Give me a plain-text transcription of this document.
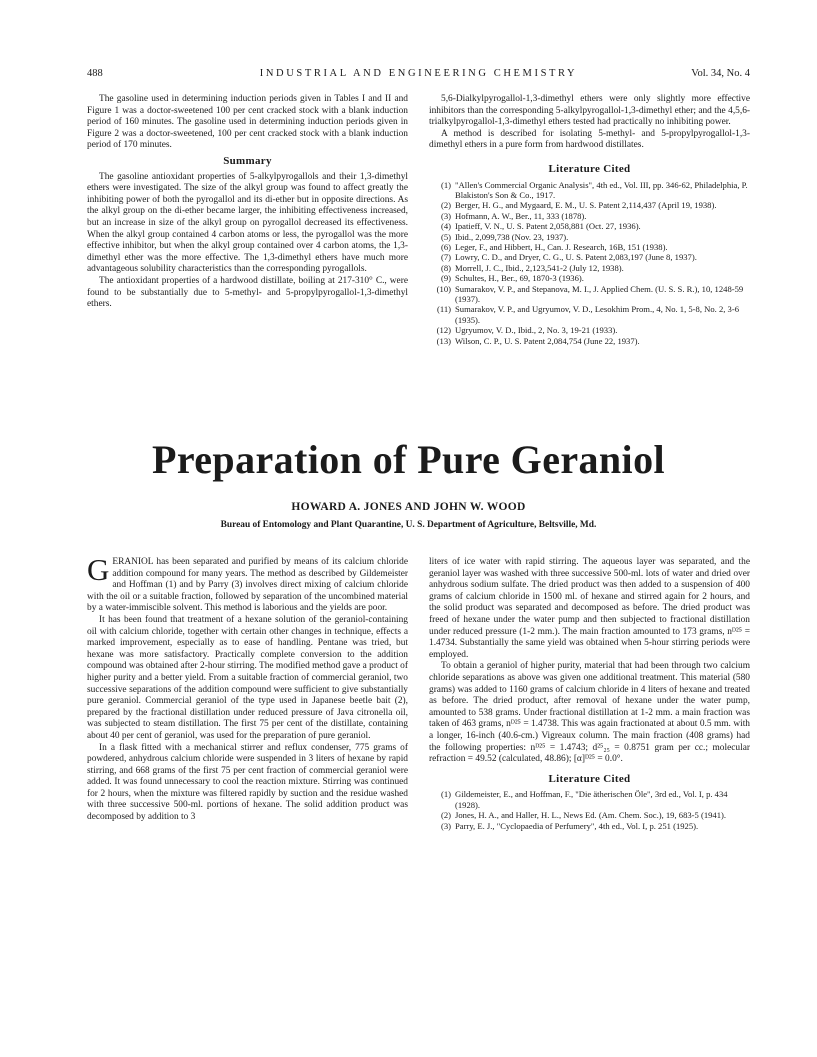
488	INDUSTRIAL AND ENGINEERING CHEMISTRY	Vol. 34, No. 4

The gasoline used in determining induction periods given in Tables I and II and Figure 1 was a doctor-sweetened 100 per cent cracked stock with a blank induction period of 160 minutes. The gasoline used in determining induction periods given in Figure 2 was a doctor-sweetened, 100 per cent cracked stock with a blank induction period of 170 minutes.

Summary

The gasoline antioxidant properties of 5-alkylpyrogallols and their 1,3-dimethyl ethers were investigated. The size of the alkyl group was found to affect greatly the inhibiting power of both the pyrogallol and its di-ether but in opposite directions. As the alkyl group on the di-ether became larger, the inhibiting effectiveness increased, but an increase in size of the alkyl group on pyrogallol decreased its effectiveness. When the alkyl group contained 4 carbon atoms or less, the pyrogallol was the more effective inhibitor, but when the alkyl group contained over 4 carbon atoms, the 1,3-dimethyl ether was the more effective. The 1,3-dimethyl ethers have much more advantageous solubility characteristics than the corresponding pyrogallols.

The antioxidant properties of a hardwood distillate, boiling at 217-310° C., were found to be substantially due to 5-methyl- and 5-propylpyrogallol-1,3-dimethyl ethers.

5,6-Dialkylpyrogallol-1,3-dimethyl ethers were only slightly more effective inhibitors than the corresponding 5-alkylpyrogallol-1,3-dimethyl ether; and the 4,5,6-trialkylpyrogallol-1,3-dimethyl ethers tested had practically no inhibiting power.

A method is described for isolating 5-methyl- and 5-propylpyrogallol-1,3-dimethyl ethers in a pure form from hardwood distillates.

Literature Cited
(1) "Allen's Commercial Organic Analysis", 4th ed., Vol. III, pp. 346-62, Philadelphia, P. Blakiston's Son & Co., 1917.
(2) Berger, H. G., and Mygaard, E. M., U. S. Patent 2,114,437 (April 19, 1938).
(3) Hofmann, A. W., Ber., 11, 333 (1878).
(4) Ipatieff, V. N., U. S. Patent 2,058,881 (Oct. 27, 1936).
(5) Ibid., 2,099,738 (Nov. 23, 1937).
(6) Leger, F., and Hibbert, H., Can. J. Research, 16B, 151 (1938).
(7) Lowry, C. D., and Dryer, C. G., U. S. Patent 2,083,197 (June 8, 1937).
(8) Morrell, J. C., Ibid., 2,123,541-2 (July 12, 1938).
(9) Schultes, H., Ber., 69, 1870-3 (1936).
(10) Sumarakov, V. P., and Stepanova, M. I., J. Applied Chem. (U. S. S. R.), 10, 1248-59 (1937).
(11) Sumarakov, V. P., and Ugryumov, V. D., Lesokhim Prom., 4, No. 1, 5-8, No. 2, 3-6 (1935).
(12) Ugryumov, V. D., Ibid., 2, No. 3, 19-21 (1933).
(13) Wilson, C. P., U. S. Patent 2,084,754 (June 22, 1937).
Preparation of Pure Geraniol
HOWARD A. JONES AND JOHN W. WOOD
Bureau of Entomology and Plant Quarantine, U. S. Department of Agriculture, Beltsville, Md.

GERANIOL has been separated and purified by means of its calcium chloride addition compound for many years. The method as described by Gildemeister and Hoffman (1) and by Parry (3) involves direct mixing of calcium chloride with the oil or a suitable fraction, followed by separation of the uncombined material by a water-immiscible solvent. This method is laborious and the yields are poor.

It has been found that treatment of a hexane solution of the geraniol-containing oil with calcium chloride, together with certain other changes in technique, effects a marked improvement, especially as to ease of handling. Pentane was tried, but hexane was more satisfactory. Practically complete conversion to the addition compound was obtained after 2-hour stirring. The modified method gave a product of higher purity and a better yield. From a suitable fraction of commercial geraniol, two successive separations of the addition compound were sufficient to give substantially pure geraniol. Commercial geraniol of the type used in Japanese beetle bait (2), prepared by the fractional distillation under reduced pressure of Java citronella oil, was subjected to steam distillation. The first 75 per cent of the distillate, containing about 40 per cent of geraniol, was used for the preparation of pure geraniol.

In a flask fitted with a mechanical stirrer and reflux condenser, 775 grams of powdered, anhydrous calcium chloride were suspended in 3 liters of hexane by rapid stirring, and 668 grams of the first 75 per cent fraction of commercial geraniol were added. It was found unnecessary to cool the reaction mixture. Stirring was continued for 2 hours, when the mixture was filtered rapidly by suction and the residue washed with three successive 500-ml. portions of hexane. The solid addition product was decomposed by addition to 3

liters of ice water with rapid stirring. The aqueous layer was separated, and the geraniol layer was washed with three successive 500-ml. lots of water and dried over anhydrous sodium sulfate. The dried product was then added to a suspension of 400 grams of calcium chloride in 1500 ml. of hexane and stirred again for 2 hours, and the solid product was separated and decomposed as before. The dried product was freed of hexane under the water pump and then subjected to fractional distillation under reduced pressure (1-2 mm.). The main fraction amounted to 173 grams, nᴰ²⁵ = 1.4734. Substantially the same yield was obtained when 5-hour stirring periods were employed.

To obtain a geraniol of higher purity, material that had been through two calcium chloride separations as above was given one additional treatment. This material (580 grams) was added to 1160 grams of calcium chloride in 4 liters of hexane and treated as before. The dried product, after removal of hexane under the water pump, amounted to 538 grams. Under fractional distillation at 1-2 mm. a main fraction was taken of 463 grams, nᴰ²⁵ = 1.4738. This was again fractionated at about 0.5 mm. with a longer, 16-inch (40.6-cm.) Vigreaux column. The main fraction (408 grams) had the following properties: nᴰ²⁵ = 1.4743; d²⁵₂₅ = 0.8751 gram per cc.; molecular refraction = 49.52 (calculated, 48.86); [α]ᴰ²⁵ = 0.0°.

Literature Cited
(1) Gildemeister, E., and Hoffman, F., "Die ätherischen Öle", 3rd ed., Vol. I, p. 434 (1928).
(2) Jones, H. A., and Haller, H. L., News Ed. (Am. Chem. Soc.), 19, 683-5 (1941).
(3) Parry, E. J., "Cyclopaedia of Perfumery", 4th ed., Vol. I, p. 251 (1925).
